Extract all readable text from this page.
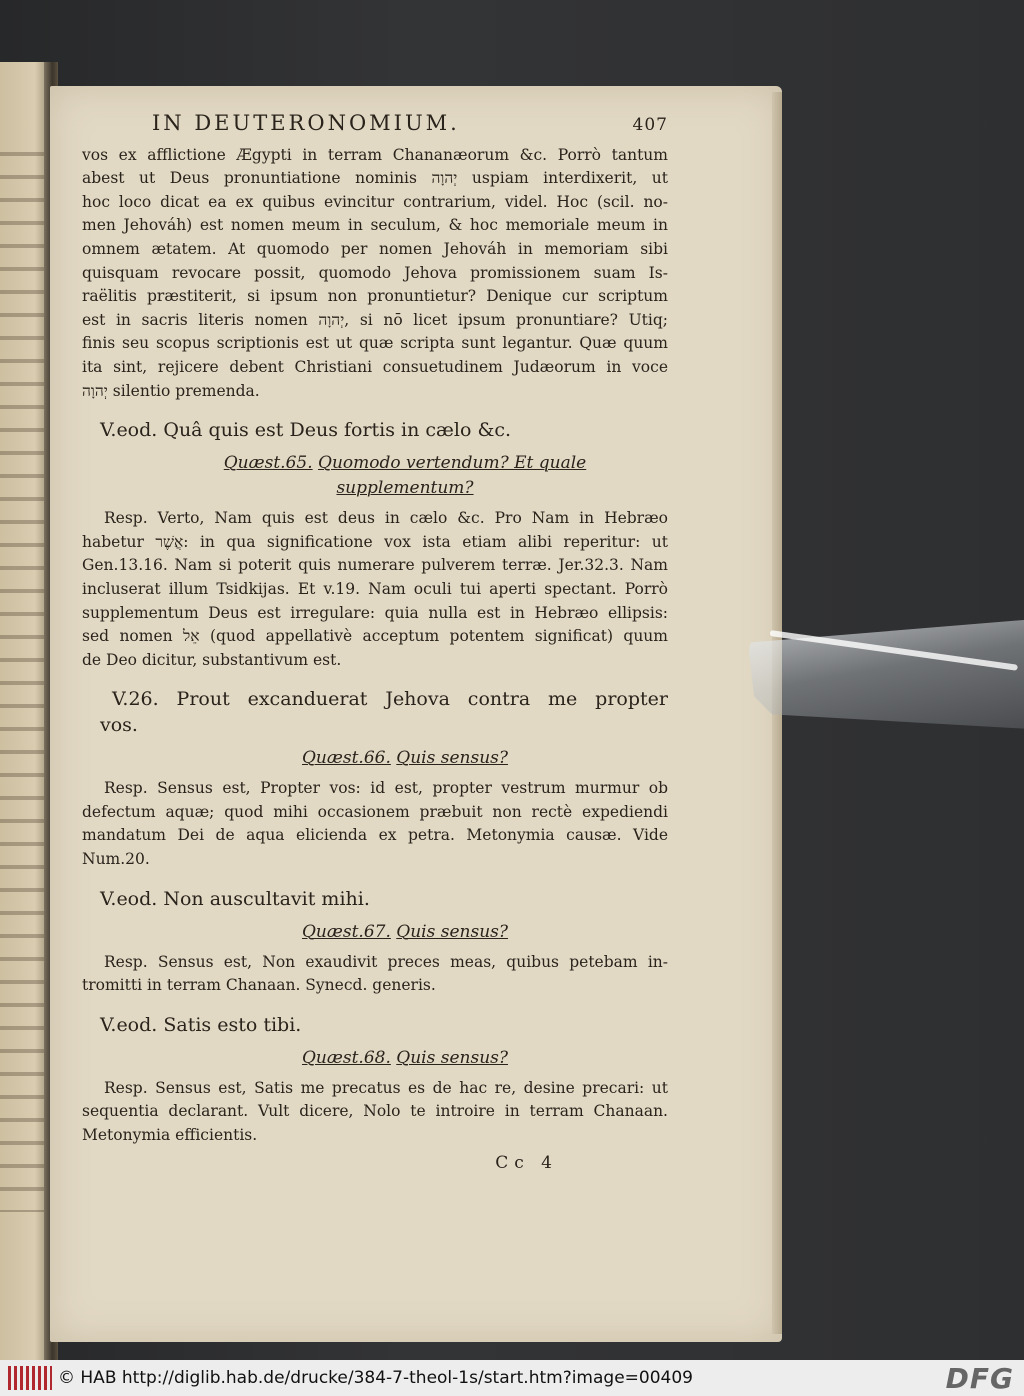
IN DEUTERONOMIUM.	407
vos ex afflictione Ægypti in terram Chananæorum &c. Porrò tantum
abest ut Deus pronuntiatione nominis יְהוָה uspiam interdixerit, ut
hoc loco dicat ea ex quibus evincitur contrarium, videl. Hoc (scil. no-
men Jehováh) est nomen meum in seculum, & hoc memoriale meum in
omnem ætatem. At quomodo per nomen Jehováh in memoriam sibi
quisquam revocare possit, quomodo Jehova promissionem suam Is-
raëlitis præstiterit, si ipsum non pronuntietur? Denique cur scriptum
est in sacris literis nomen יְהוָה, si nō licet ipsum pronuntiare? Utiq;
finis seu scopus scriptionis est ut quæ scripta sunt legantur. Quæ quum
ita sint, rejicere debent Christiani consuetudinem Judæorum in voce
יְהוָה silentio premenda.
V.eod. Quâ quis est Deus fortis in cælo &c.
Quæst.65. Quomodo vertendum? Et quale
supplementum?
Resp. Verto, Nam quis est deus in cælo &c. Pro Nam in Hebræo
habetur אֲשֶׁר: in qua significatione vox ista etiam alibi reperitur: ut
Gen.13.16. Nam si poterit quis numerare pulverem terræ. Jer.32.3. Nam
incluserat illum Tsidkijas. Et v.19. Nam oculi tui aperti spectant. Porrò
supplementum Deus est irregulare: quia nulla est in Hebræo ellipsis:
sed nomen אֵל (quod appellativè acceptum potentem significat) quum
de Deo dicitur, substantivum est.
V.26. Prout excanduerat Jehova contra me propter
vos.
Quæst.66. Quis sensus?
Resp. Sensus est, Propter vos: id est, propter vestrum murmur ob
defectum aquæ; quod mihi occasionem præbuit non rectè expediendi
mandatum Dei de aqua elicienda ex petra. Metonymia causæ. Vide
Num.20.
V.eod. Non auscultavit mihi.
Quæst.67. Quis sensus?
Resp. Sensus est, Non exaudivit preces meas, quibus petebam in-
tromitti in terram Chanaan. Synecd. generis.
V.eod. Satis esto tibi.
Quæst.68. Quis sensus?
Resp. Sensus est, Satis me precatus es de hac re, desine precari: ut
sequentia declarant. Vult dicere, Nolo te introire in terram Chanaan.
Metonymia efficientis.
Cc 4
© HAB http://diglib.hab.de/drucke/384-7-theol-1s/start.htm?image=00409	DFG
